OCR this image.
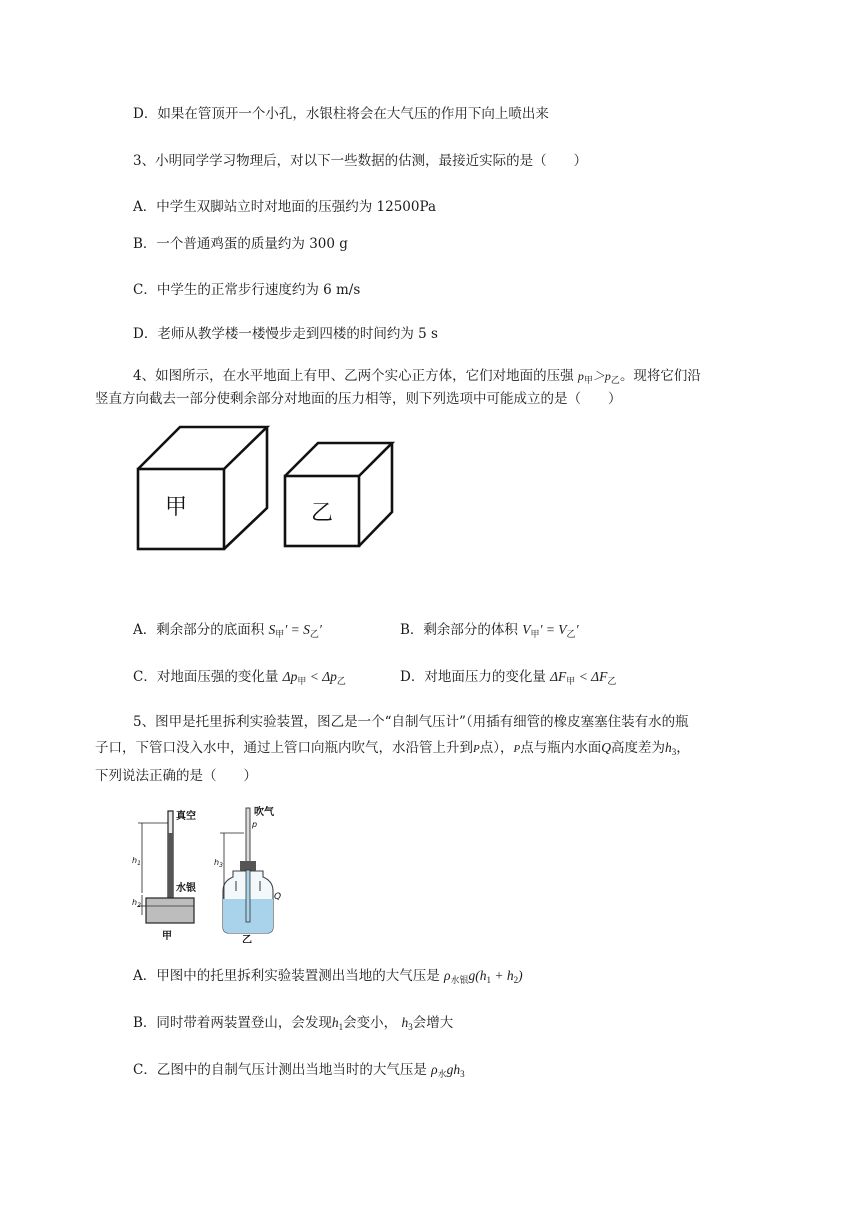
D．如果在管顶开一个小孔，水银柱将会在大气压的作用下向上喷出来
3、小明同学学习物理后，对以下一些数据的估测，最接近实际的是（　　）
A．中学生双脚站立时对地面的压强约为 12500Pa
B．一个普通鸡蛋的质量约为 300 g
C．中学生的正常步行速度约为 6 m/s
D．老师从教学楼一楼慢步走到四楼的时间约为 5 s
4、如图所示，在水平地面上有甲、乙两个实心正方体，它们对地面的压强 $p_甲>p_乙$。现将它们沿
竖直方向截去一部分使剩余部分对地面的压力相等，则下列选项中可能成立的是（　　）
甲	乙
A．剩余部分的底面积 $S_甲' = S_乙'$	B．剩余部分的体积 $V_甲' = V_乙'$
C．对地面压强的变化量 $\Delta p_甲 < \Delta p_乙$	D．对地面压力的变化量 $\Delta F_甲 < \Delta F_乙$
5、图甲是托里拆利实验装置，图乙是一个“自制气压计”（用插有细管的橡皮塞塞住装有水的瓶
子口，下管口没入水中，通过上管口向瓶内吹气，水沿管上升到P点），P点与瓶内水面Q高度差为$h_3$，
下列说法正确的是（　　）
$h_1$
$h_2$
真空
水银
甲
$h_3$
p
吹气
Q
乙
A．甲图中的托里拆利实验装置测出当地的大气压是 $\rho_{水银}g(h_1 + h_2)$
B．同时带着两装置登山，会发现$h_1$会变小， $h_3$会增大
C．乙图中的自制气压计测出当地当时的大气压是 $\rho_水gh_3$
